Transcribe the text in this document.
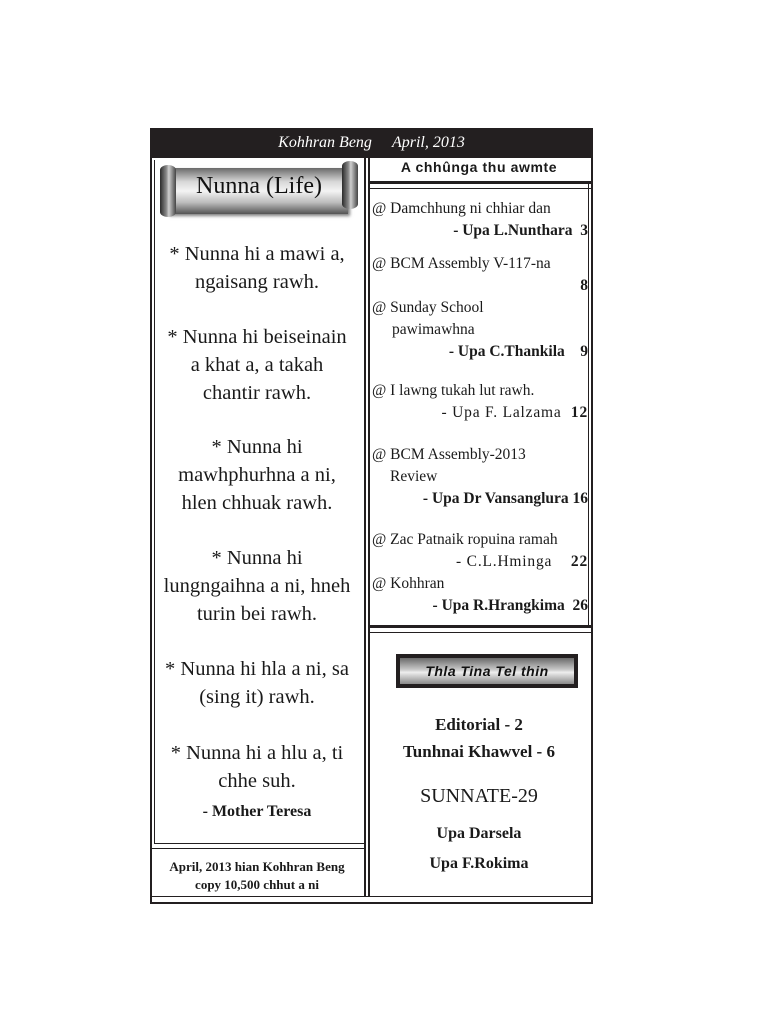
Kohhran Beng April, 2013
Nunna (Life)
* Nunna hi a mawi a,
ngaisang rawh.
* Nunna hi beiseinain
a khat a, a takah
chantir rawh.
* Nunna hi
mawhphurhna a ni,
hlen chhuak rawh.
* Nunna hi
lungngaihna a ni, hneh
turin bei rawh.
* Nunna hi hla a ni, sa
(sing it) rawh.
* Nunna hi a hlu a, ti
chhe suh.
- Mother Teresa
April, 2013 hian Kohhran Beng
copy 10,500 chhut a ni
A chhûnga thu awmte
@ Damchhung ni chhiar dan
- Upa L.Nunthara 3
@ BCM Assembly V-117-na
8
@ Sunday School
pawimawhna
- Upa C.Thankila 9
@ I lawng tukah lut rawh.
- Upa F. Lalzama 12
@ BCM Assembly-2013
Review
- Upa Dr Vansanglura 16
@ Zac Patnaik ropuina ramah
- C.L.Hminga 22
@ Kohhran
- Upa R.Hrangkima 26
Thla Tina Tel thin
Editorial - 2
Tunhnai Khawvel - 6
SUNNATE-29
Upa Darsela
Upa F.Rokima
